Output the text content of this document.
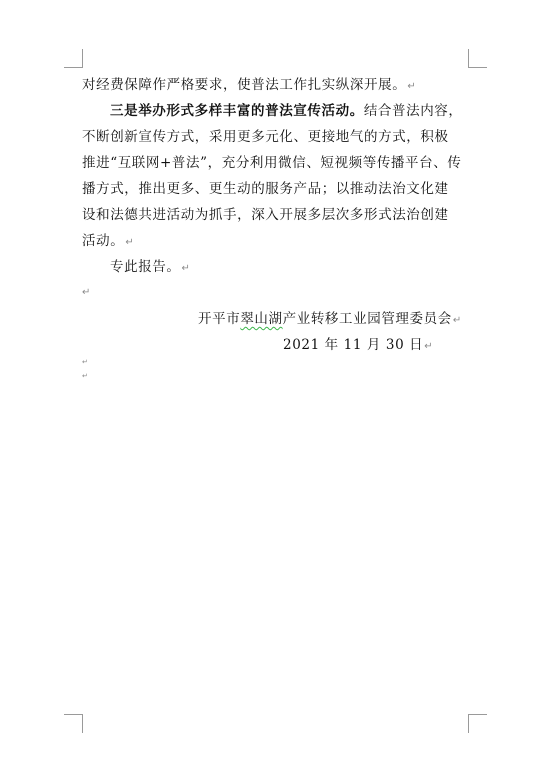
对经费保障作严格要求，使普法工作扎实纵深开展。↵
三是举办形式多样丰富的普法宣传活动。结合普法内容，
不断创新宣传方式，采用更多元化、更接地气的方式，积极
推进“互联网+普法”，充分利用微信、短视频等传播平台、传
播方式，推出更多、更生动的服务产品；以推动法治文化建
设和法德共进活动为抓手，深入开展多层次多形式法治创建
活动。↵
专此报告。↵
↵
开平市翠山湖产业转移工业园管理委员会↵
2021 年 11 月 30 日↵
↵
↵
